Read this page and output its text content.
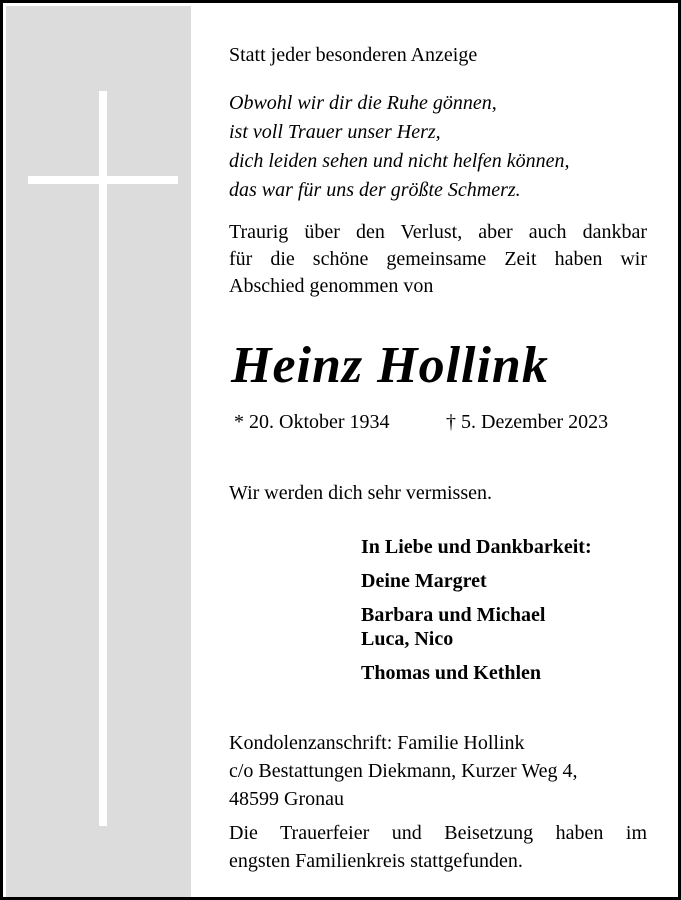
Statt jeder besonderen Anzeige
Obwohl wir dir die Ruhe gönnen,
ist voll Trauer unser Herz,
dich leiden sehen und nicht helfen können,
das war für uns der größte Schmerz.
Traurig über den Verlust, aber auch dankbar
für die schöne gemeinsame Zeit haben wir
Abschied genommen von
Heinz Hollink
* 20. Oktober 1934	† 5. Dezember 2023
Wir werden dich sehr vermissen.
In Liebe und Dankbarkeit:
Deine Margret
Barbara und Michael
Luca, Nico
Thomas und Kethlen
Kondolenzanschrift: Familie Hollink
c/o Bestattungen Diekmann, Kurzer Weg 4,
48599 Gronau
Die Trauerfeier und Beisetzung haben im
engsten Familienkreis stattgefunden.
